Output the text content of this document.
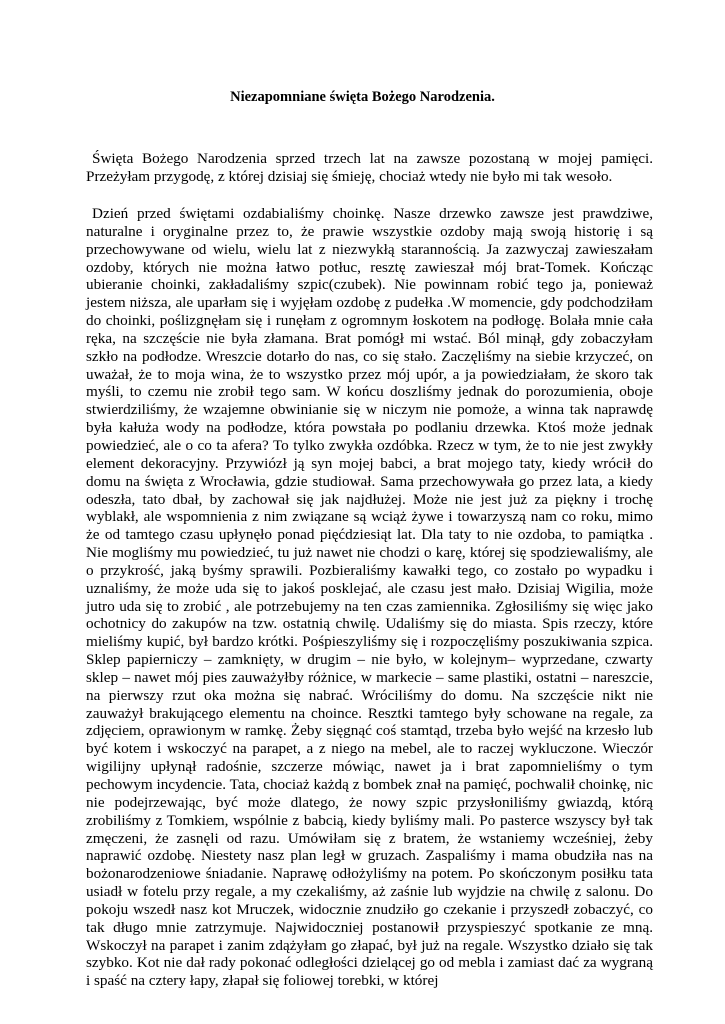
Niezapomniane święta Bożego Narodzenia.

Święta Bożego Narodzenia sprzed trzech lat na zawsze pozostaną w mojej pamięci. Przeżyłam przygodę, z której dzisiaj się śmieję, chociaż wtedy nie było mi tak wesoło.

Dzień przed świętami ozdabialiśmy choinkę. Nasze drzewko zawsze jest prawdziwe, naturalne i oryginalne przez to, że prawie wszystkie ozdoby mają swoją historię i są przechowywane od wielu, wielu lat z niezwykłą starannością. Ja zazwyczaj zawieszałam ozdoby, których nie można łatwo potłuc, resztę zawieszał mój brat-Tomek. Kończąc ubieranie choinki, zakładaliśmy szpic(czubek). Nie powinnam robić tego ja, ponieważ jestem niższa, ale uparłam się i wyjęłam ozdobę z pudełka .W momencie, gdy podchodziłam do choinki, poślizgnęłam się i runęłam z ogromnym łoskotem na podłogę. Bolała mnie cała ręka, na szczęście nie była złamana. Brat pomógł mi wstać. Ból minął, gdy zobaczyłam szkło na podłodze. Wreszcie dotarło do nas, co się stało. Zaczęliśmy na siebie krzyczeć, on uważał, że to moja wina, że to wszystko przez mój upór, a ja powiedziałam, że skoro tak myśli, to czemu nie zrobił tego sam. W końcu doszliśmy jednak do porozumienia, oboje stwierdziliśmy, że wzajemne obwinianie się w niczym nie pomoże, a winna tak naprawdę była kałuża wody na podłodze, która powstała po podlaniu drzewka. Ktoś może jednak powiedzieć, ale o co ta afera? To tylko zwykła ozdóbka. Rzecz w tym, że to nie jest zwykły element dekoracyjny. Przywiózł ją syn mojej babci, a brat mojego taty, kiedy wrócił do domu na święta z Wrocławia, gdzie studiował. Sama przechowywała go przez lata, a kiedy odeszła, tato dbał, by zachował się jak najdłużej. Może nie jest już za piękny i trochę wyblakł, ale wspomnienia z nim związane są wciąż żywe i towarzyszą nam co roku, mimo że od tamtego czasu upłynęło ponad pięćdziesiąt lat. Dla taty to nie ozdoba, to pamiątka . Nie mogliśmy mu powiedzieć, tu już nawet nie chodzi o karę, której się spodziewaliśmy, ale o przykrość, jaką byśmy sprawili. Pozbieraliśmy kawałki tego, co zostało po wypadku i uznaliśmy, że może uda się to jakoś posklejać, ale czasu jest mało. Dzisiaj Wigilia, może jutro uda się to zrobić , ale potrzebujemy na ten czas zamiennika. Zgłosiliśmy się więc jako ochotnicy do zakupów na tzw. ostatnią chwilę. Udaliśmy się do miasta. Spis rzeczy, które mieliśmy kupić, był bardzo krótki. Pośpieszyliśmy się i rozpoczęliśmy poszukiwania szpica. Sklep papierniczy – zamknięty, w drugim – nie było, w kolejnym– wyprzedane, czwarty sklep – nawet mój pies zauważyłby różnice, w markecie – same plastiki, ostatni – nareszcie, na pierwszy rzut oka można się nabrać. Wróciliśmy do domu. Na szczęście nikt nie zauważył brakującego elementu na choince. Resztki tamtego były schowane na regale, za zdjęciem, oprawionym w ramkę. Żeby sięgnąć coś stamtąd, trzeba było wejść na krzesło lub być kotem i wskoczyć na parapet, a z niego na mebel, ale to raczej wykluczone. Wieczór wigilijny upłynął radośnie, szczerze mówiąc, nawet ja i brat zapomnieliśmy o tym pechowym incydencie. Tata, chociaż każdą z bombek znał na pamięć, pochwalił choinkę, nic nie podejrzewając, być może dlatego, że nowy szpic przysłoniliśmy gwiazdą, którą zrobiliśmy z Tomkiem, wspólnie z babcią, kiedy byliśmy mali. Po pasterce wszyscy był tak zmęczeni, że zasnęli od razu. Umówiłam się z bratem, że wstaniemy wcześniej, żeby naprawić ozdobę. Niestety nasz plan legł w gruzach. Zaspaliśmy i mama obudziła nas na bożonarodzeniowe śniadanie. Naprawę odłożyliśmy na potem. Po skończonym posiłku tata usiadł w fotelu przy regale, a my czekaliśmy, aż zaśnie lub wyjdzie na chwilę z salonu. Do pokoju wszedł nasz kot Mruczek, widocznie znudziło go czekanie i przyszedł zobaczyć, co tak długo mnie zatrzymuje. Najwidoczniej postanowił przyspieszyć spotkanie ze mną. Wskoczył na parapet i zanim zdążyłam go złapać, był już na regale. Wszystko działo się tak szybko. Kot nie dał rady pokonać odległości dzielącej go od mebla i zamiast dać za wygraną i spaść na cztery łapy, złapał się foliowej torebki, w której
